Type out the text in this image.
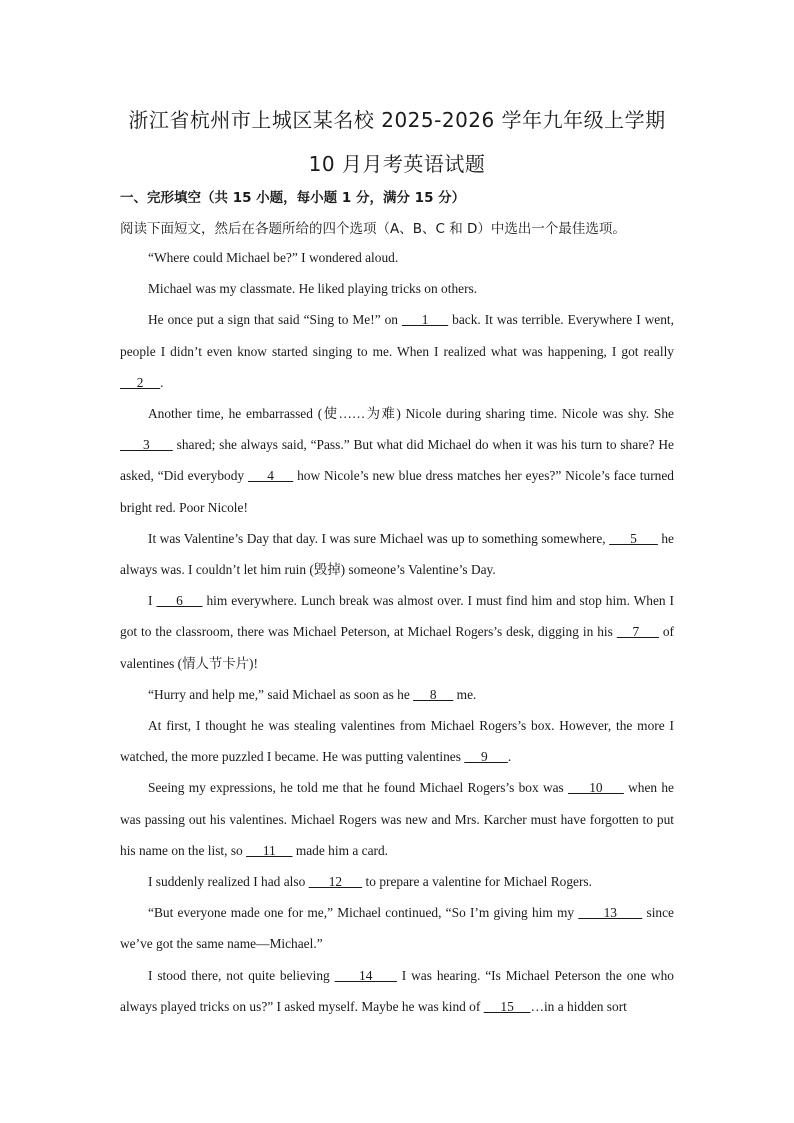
浙江省杭州市上城区某名校 2025-2026 学年九年级上学期
10 月月考英语试题
一、完形填空（共 15 小题，每小题 1 分，满分 15 分）
阅读下面短文，然后在各题所给的四个选项（A、B、C 和 D）中选出一个最佳选项。

“Where could Michael be?” I wondered aloud.

Michael was my classmate. He liked playing tricks on others.

He once put a sign that said “Sing to Me!” on      1      back. It was terrible. Everywhere I went, people I didn’t even know started singing to me. When I realized what was happening, I got really      2     .

Another time, he embarrassed (使……为难) Nicole during sharing time. Nicole was shy. She       3       shared; she always said, “Pass.” But what did Michael do when it was his turn to share? He asked, “Did everybody      4      how Nicole’s new blue dress matches her eyes?” Nicole’s face turned bright red. Poor Nicole!

It was Valentine’s Day that day. I was sure Michael was up to something somewhere,       5       he always was. I couldn’t let him ruin (毁掉) someone’s Valentine’s Day.

I      6      him everywhere. Lunch break was almost over. I must find him and stop him. When I got to the classroom, there was Michael Peterson, at Michael Rogers’s desk, digging in his     7      of valentines (情人节卡片)!

“Hurry and help me,” said Michael as soon as he      8      me.

At first, I thought he was stealing valentines from Michael Rogers’s box. However, the more I watched, the more puzzled I became. He was putting valentines      9      .

Seeing my expressions, he told me that he found Michael Rogers’s box was      10      when he was passing out his valentines. Michael Rogers was new and Mrs. Karcher must have forgotten to put his name on the list, so      11      made him a card.

I suddenly realized I had also       12       to prepare a valentine for Michael Rogers.

“But everyone made one for me,” Michael continued, “So I’m giving him my       13       since we’ve got the same name—Michael.”

I stood there, not quite believing      14      I was hearing. “Is Michael Peterson the one who always played tricks on us?” I asked myself. Maybe he was kind of      15     …in a hidden sort
